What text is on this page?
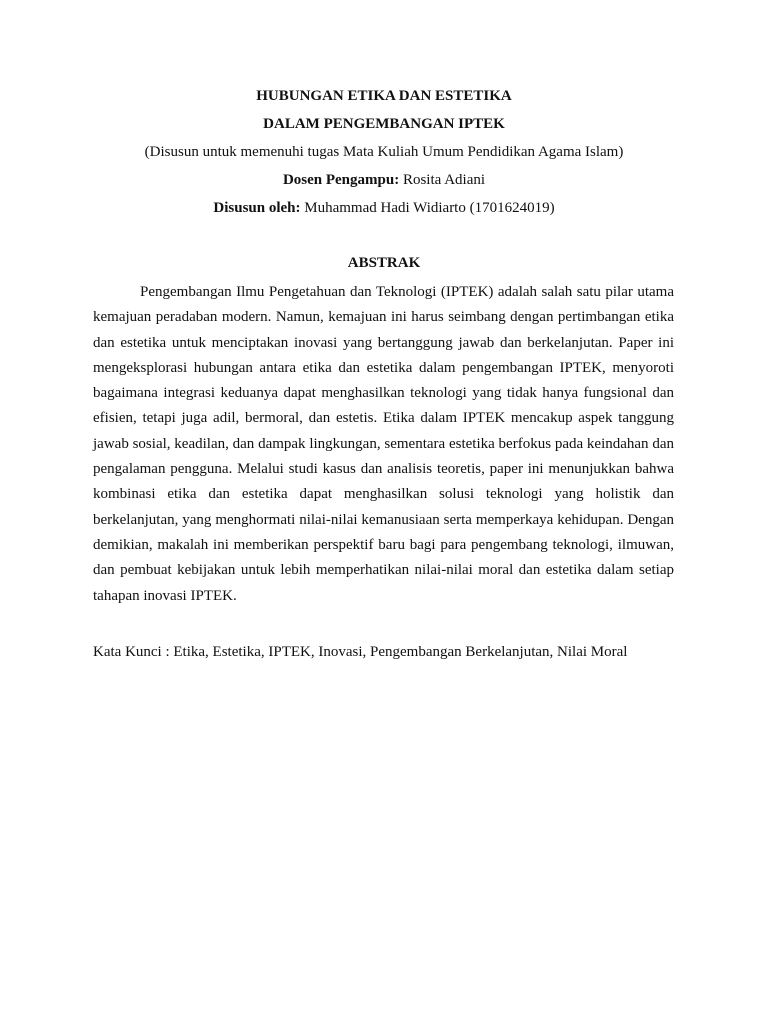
HUBUNGAN ETIKA DAN ESTETIKA
DALAM PENGEMBANGAN IPTEK
(Disusun untuk memenuhi tugas Mata Kuliah Umum Pendidikan Agama Islam)
Dosen Pengampu: Rosita Adiani
Disusun oleh: Muhammad Hadi Widiarto (1701624019)
ABSTRAK

Pengembangan Ilmu Pengetahuan dan Teknologi (IPTEK) adalah salah satu pilar utama kemajuan peradaban modern. Namun, kemajuan ini harus seimbang dengan pertimbangan etika dan estetika untuk menciptakan inovasi yang bertanggung jawab dan berkelanjutan. Paper ini mengeksplorasi hubungan antara etika dan estetika dalam pengembangan IPTEK, menyoroti bagaimana integrasi keduanya dapat menghasilkan teknologi yang tidak hanya fungsional dan efisien, tetapi juga adil, bermoral, dan estetis. Etika dalam IPTEK mencakup aspek tanggung jawab sosial, keadilan, dan dampak lingkungan, sementara estetika berfokus pada keindahan dan pengalaman pengguna. Melalui studi kasus dan analisis teoretis, paper ini menunjukkan bahwa kombinasi etika dan estetika dapat menghasilkan solusi teknologi yang holistik dan berkelanjutan, yang menghormati nilai-nilai kemanusiaan serta memperkaya kehidupan. Dengan demikian, makalah ini memberikan perspektif baru bagi para pengembang teknologi, ilmuwan, dan pembuat kebijakan untuk lebih memperhatikan nilai-nilai moral dan estetika dalam setiap tahapan inovasi IPTEK.

Kata Kunci : Etika, Estetika, IPTEK, Inovasi, Pengembangan Berkelanjutan, Nilai Moral
